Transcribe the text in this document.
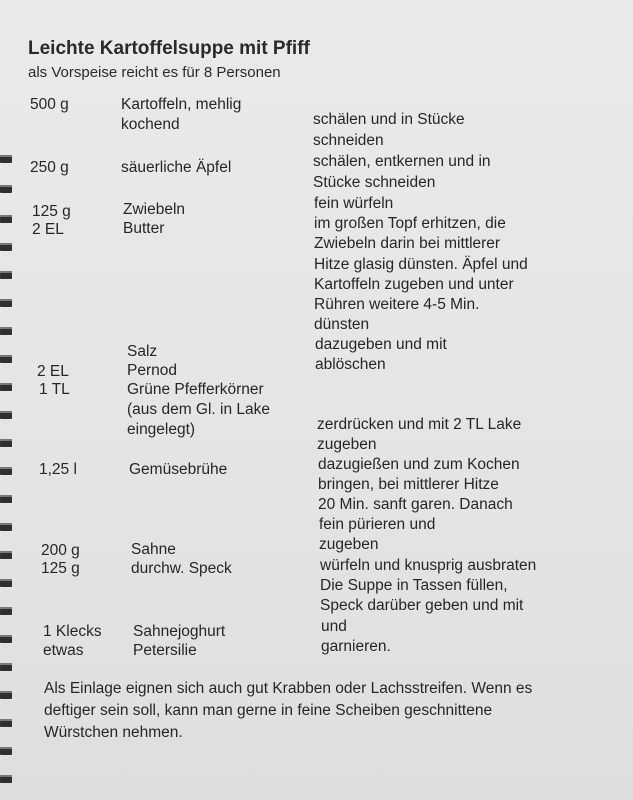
Leichte Kartoffelsuppe mit Pfiff
als Vorspeise reicht es für 8 Personen
500 g
250 g
125 g
2 EL
2 EL
1 TL
1,25 l
200 g
125 g
1 Klecks
etwas
Kartoffeln, mehlig
kochend
säuerliche Äpfel
Zwiebeln
Butter
Salz
Pernod
Grüne Pfefferkörner
(aus dem Gl. in Lake
eingelegt)
Gemüsebrühe
Sahne
durchw. Speck
Sahnejoghurt
Petersilie
schälen und in Stücke
schneiden
schälen, entkernen und in
Stücke schneiden
fein würfeln
im großen Topf erhitzen, die
Zwiebeln darin bei mittlerer
Hitze glasig dünsten. Äpfel und
Kartoffeln zugeben und unter
Rühren weitere 4-5 Min.
dünsten
dazugeben und mit
ablöschen
zerdrücken und mit 2 TL Lake
zugeben
dazugießen und zum Kochen
bringen, bei mittlerer Hitze
20 Min. sanft garen. Danach
fein pürieren und
zugeben
würfeln und knusprig ausbraten
Die Suppe in Tassen füllen,
Speck darüber geben und mit
und
garnieren.
Als Einlage eignen sich auch gut Krabben oder Lachsstreifen. Wenn es
deftiger sein soll, kann man gerne in feine Scheiben geschnittene
Würstchen nehmen.
